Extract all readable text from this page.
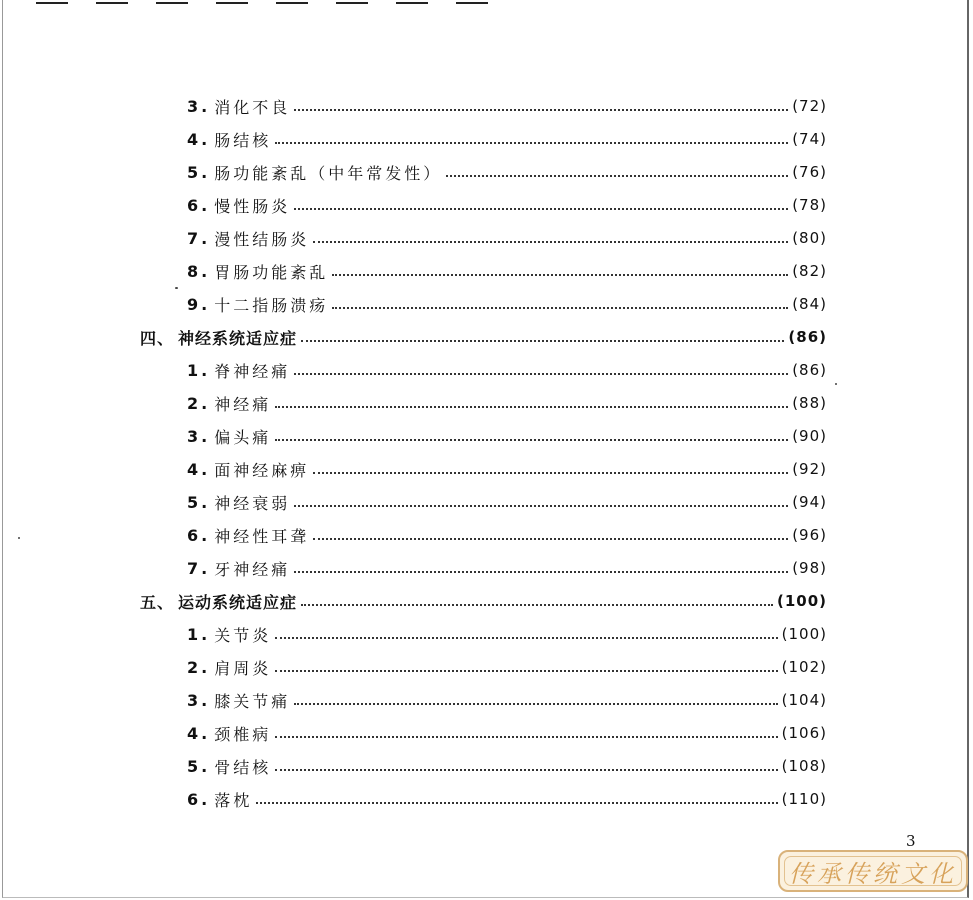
3. 消化不良	(72)
4. 肠结核	(74)
5. 肠功能紊乱（中年常发性）	(76)
6. 慢性肠炎	(78)
7. 漫性结肠炎	(80)
8. 胃肠功能紊乱	(82)
9. 十二指肠溃疡	(84)
四、 神经系统适应症	(86)
1. 脊神经痛	(86)
2. 神经痛	(88)
3. 偏头痛	(90)
4. 面神经麻痹	(92)
5. 神经衰弱	(94)
6. 神经性耳聋	(96)
7. 牙神经痛	(98)
五、 运动系统适应症	(100)
1. 关节炎	(100)
2. 肩周炎	(102)
3. 膝关节痛	(104)
4. 颈椎病	(106)
5. 骨结核	(108)
6. 落枕	(110)
3
传承传统文化
